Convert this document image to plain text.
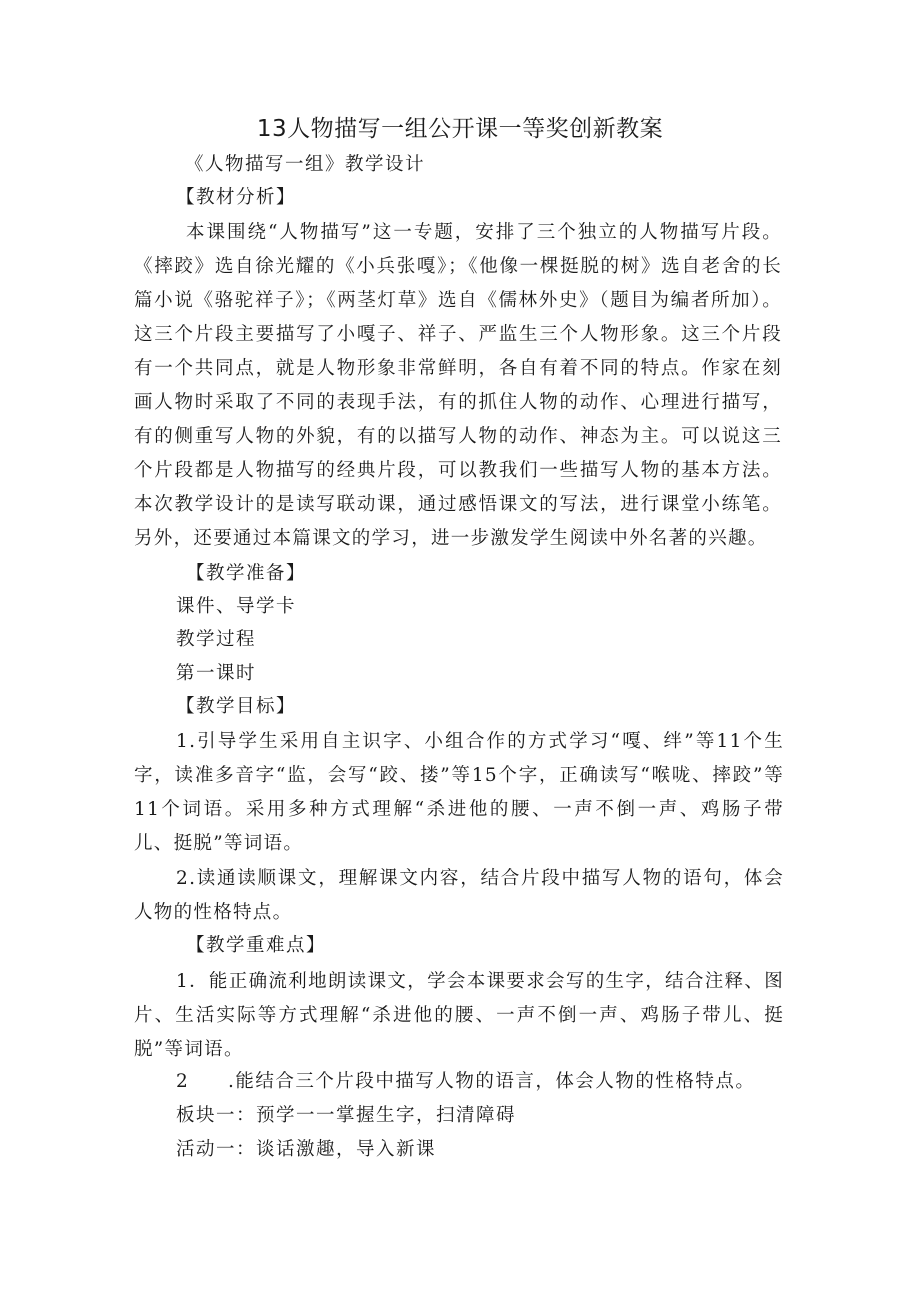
13人物描写一组公开课一等奖创新教案
《人物描写一组》教学设计
【教材分析】
本课围绕“人物描写”这一专题，安排了三个独立的人物描写片段。《摔跤》选自徐光耀的《小兵张嘎》；《他像一棵挺脱的树》选自老舍的长篇小说《骆驼祥子》；《两茎灯草》选自《儒林外史》（题目为编者所加）。这三个片段主要描写了小嘎子、祥子、严监生三个人物形象。这三个片段有一个共同点，就是人物形象非常鲜明，各自有着不同的特点。作家在刻画人物时采取了不同的表现手法，有的抓住人物的动作、心理进行描写，有的侧重写人物的外貌，有的以描写人物的动作、神态为主。可以说这三个片段都是人物描写的经典片段，可以教我们一些描写人物的基本方法。本次教学设计的是读写联动课，通过感悟课文的写法，进行课堂小练笔。另外，还要通过本篇课文的学习，进一步激发学生阅读中外名著的兴趣。
【教学准备】
课件、导学卡
教学过程
第一课时
【教学目标】
1.引导学生采用自主识字、小组合作的方式学习“嘎、绊”等11个生字，读准多音字“监，会写“跤、搂”等15个字，正确读写“喉咙、摔跤”等11个词语。采用多种方式理解“杀进他的腰、一声不倒一声、鸡肠子带儿、挺脱”等词语。
2.读通读顺课文，理解课文内容，结合片段中描写人物的语句，体会人物的性格特点。
【教学重难点】
1．能正确流利地朗读课文，学会本课要求会写的生字，结合注释、图片、生活实际等方式理解“杀进他的腰、一声不倒一声、鸡肠子带儿、挺脱”等词语。
2 .能结合三个片段中描写人物的语言，体会人物的性格特点。
板块一：预学一一掌握生字，扫清障碍
活动一：谈话激趣，导入新课
